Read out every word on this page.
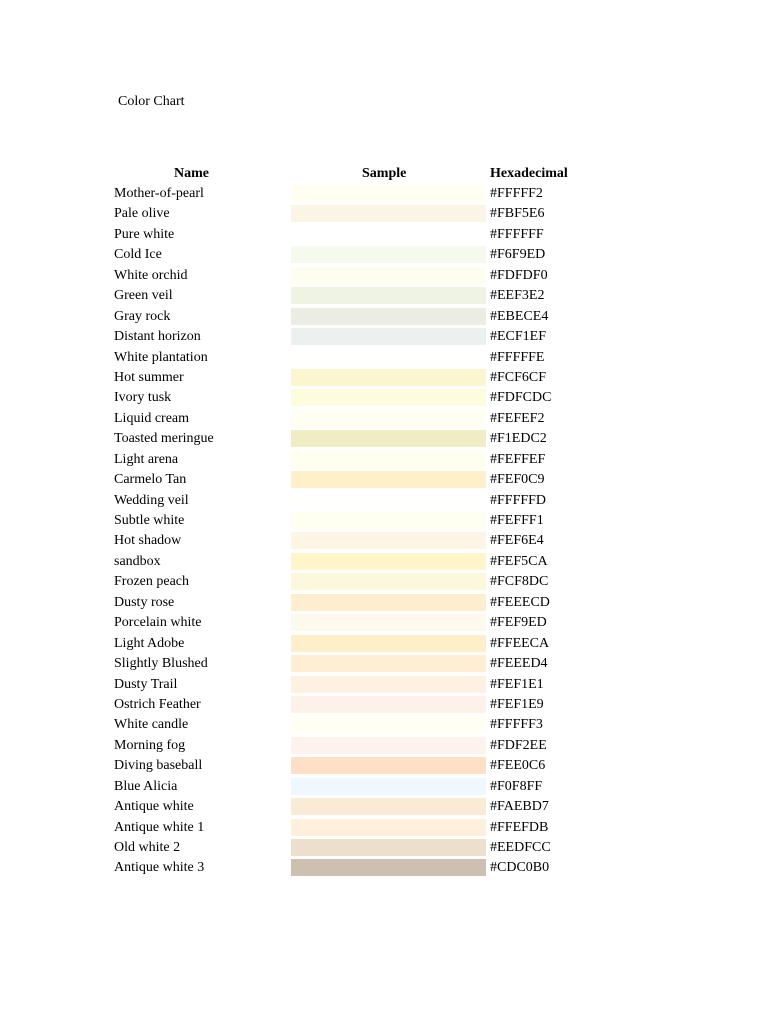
Color Chart
Name	Sample	Hexadecimal
Mother-of-pearl	#FFFFF2
Pale olive	#FBF5E6
Pure white	#FFFFFF
Cold Ice	#F6F9ED
White orchid	#FDFDF0
Green veil	#EEF3E2
Gray rock	#EBECE4
Distant horizon	#ECF1EF
White plantation	#FFFFFE
Hot summer	#FCF6CF
Ivory tusk	#FDFCDC
Liquid cream	#FEFEF2
Toasted meringue	#F1EDC2
Light arena	#FEFFEF
Carmelo Tan	#FEF0C9
Wedding veil	#FFFFFD
Subtle white	#FEFFF1
Hot shadow	#FEF6E4
sandbox	#FEF5CA
Frozen peach	#FCF8DC
Dusty rose	#FEEECD
Porcelain white	#FEF9ED
Light Adobe	#FFEECA
Slightly Blushed	#FEEED4
Dusty Trail	#FEF1E1
Ostrich Feather	#FEF1E9
White candle	#FFFFF3
Morning fog	#FDF2EE
Diving baseball	#FEE0C6
Blue Alicia	#F0F8FF
Antique white	#FAEBD7
Antique white 1	#FFEFDB
Old white 2	#EEDFCC
Antique white 3	#CDC0B0
